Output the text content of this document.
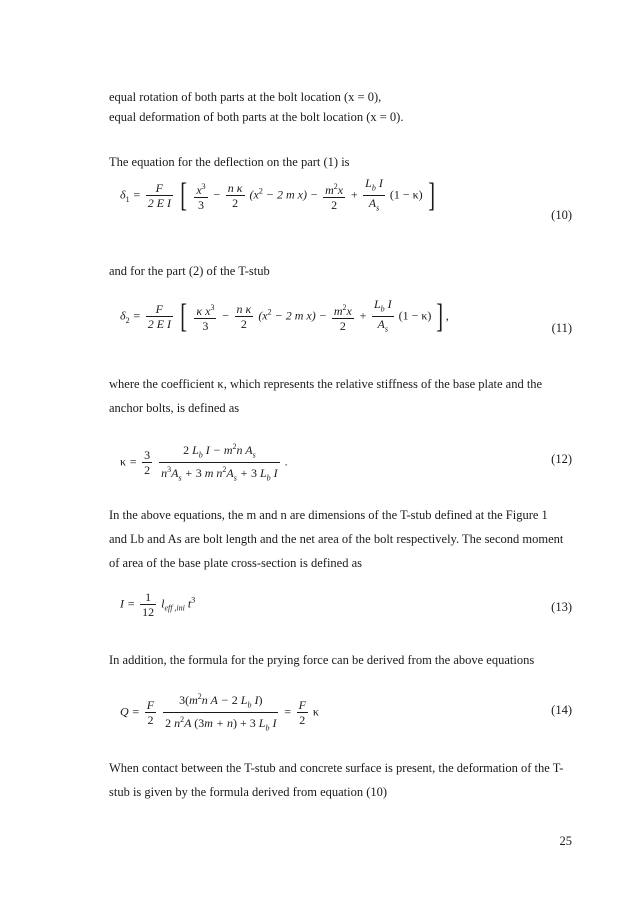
equal rotation of both parts at the bolt location (x = 0),
equal deformation of both parts at the bolt location (x = 0).
The equation for the deflection on the part (1) is
$\delta_1 = \frac{F}{\text{2 E I}}$ [ $\frac{x^3}{3} - \frac{\text{n κ}}{2} (x^2 - 2$ m $x) - \frac{m^2x}{2} + \frac{L_b I}{A_s} (1 - \kappa)$ ]
(10)
and for the part (2) of the T-stub
$\delta_2 = \frac{F}{\text{2 E I}}$ [ $\frac{\kappa x^3}{3} - \frac{\text{n κ}}{2} (x^2 - 2$ m $x) - \frac{m^2x}{2} + \frac{L_b I}{A_s} (1 - \kappa)$ ] ,
(11)
where the coefficient κ, which represents the relative stiffness of the base plate and the
anchor bolts, is defined as
$\kappa = \frac{3}{2}$
$\frac{2 L_b I - m^2n A_s}{n^3A_s + 3 m n^2A_s + 3 L_b I}$ .	(12)
In the above equations, the m and n are dimensions of the T-stub defined at the Figure 1
and Lb and As are bolt length and the net area of the bolt respectively. The second moment
of area of the base plate cross-section is defined as
$I = \frac{1}{12} l_{eff ,ini}$ $t^3$
(13)
In addition, the formula for the prying force can be derived from the above equations
$Q = \frac{F}{2}$
$\frac{3(m^2n A - 2 L_b I)}{2 n^2A (3m + n) + 3 L_b I} = \frac{F}{2}$ κ	(14)
When contact between the T-stub and concrete surface is present, the deformation of the T-
stub is given by the formula derived from equation (10)
25
